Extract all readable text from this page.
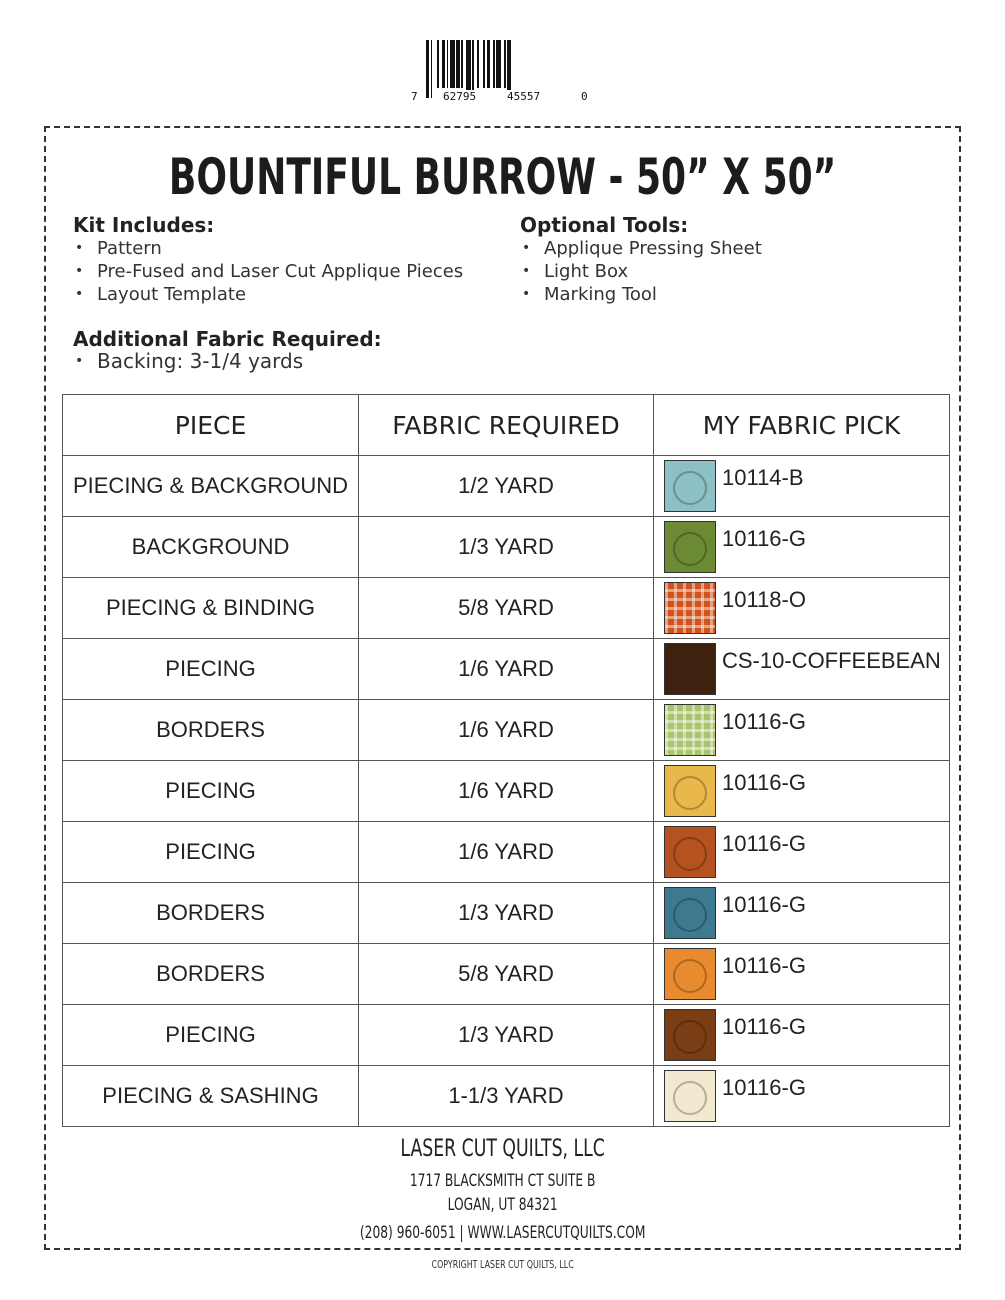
7 62795	45557	0
BOUNTIFUL BURROW - 50” X 50”
Kit Includes:
• Pattern
• Pre-Fused and Laser Cut Applique Pieces
• Layout Template
Optional Tools:
• Applique Pressing Sheet
• Light Box
• Marking Tool
Additional Fabric Required:
• Backing: 3-1/4 yards
PIECE	FABRIC REQUIRED	MY FABRIC PICK
PIECING & BACKGROUND	1/2 YARD	10114-B

BACKGROUND	1/3 YARD	10116-G

PIECING & BINDING	5/8 YARD	10118-O

PIECING	1/6 YARD	CS-10-COFFEEBEAN

BORDERS	1/6 YARD	10116-G

PIECING	1/6 YARD	10116-G

PIECING	1/6 YARD	10116-G

BORDERS	1/3 YARD	10116-G

BORDERS	5/8 YARD	10116-G

PIECING	1/3 YARD	10116-G

PIECING & SASHING	1-1/3 YARD	10116-G
LASER CUT QUILTS, LLC
1717 BLACKSMITH CT SUITE B
LOGAN, UT 84321
(208) 960-6051 | WWW.LASERCUTQUILTS.COM
COPYRIGHT LASER CUT QUILTS, LLC
